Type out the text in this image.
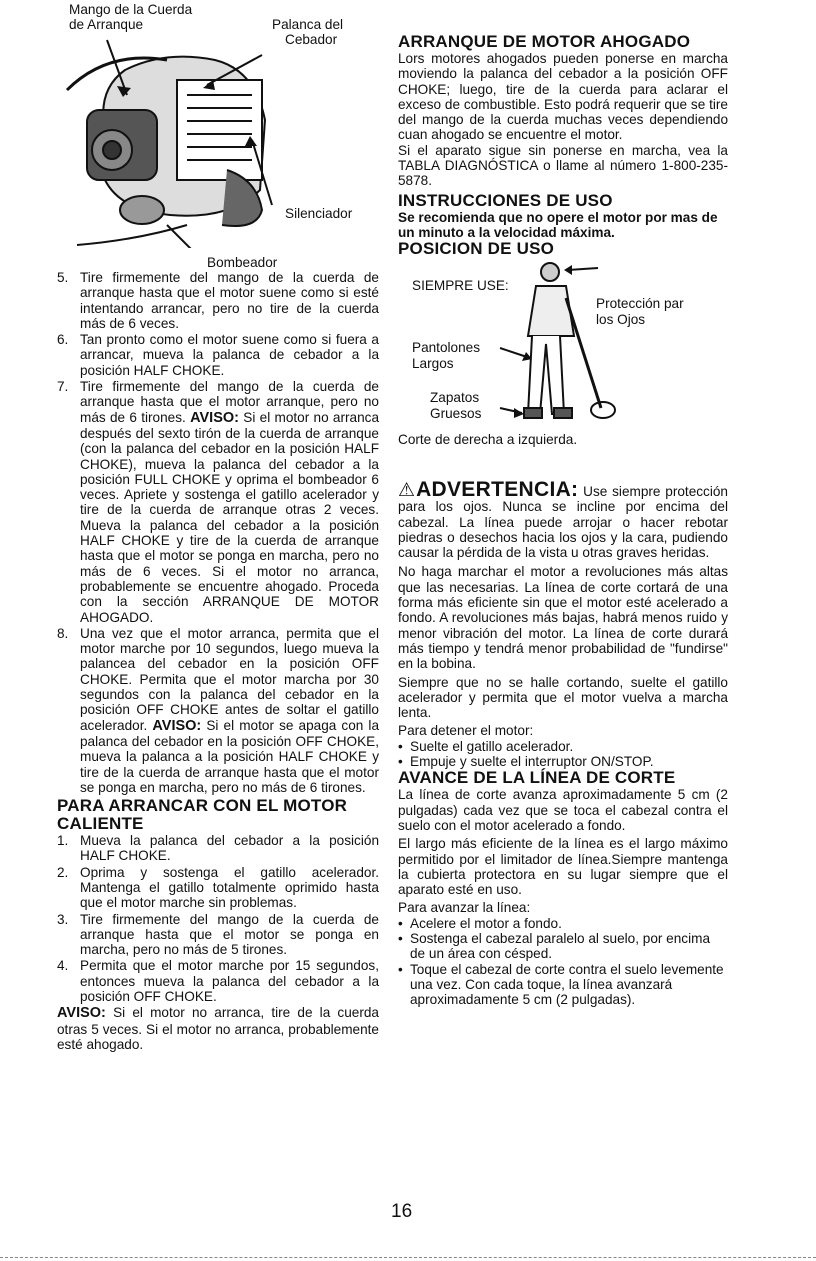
Mango de la Cuerda
de Arranque	Palanca del
Cebador
Silenciador
Bombeador
5. Tire firmemente del mango de la cuerda de arranque hasta que el motor suene como si esté intentando arrancar, pero no tire de la cuerda más de 6 veces.
6. Tan pronto como el motor suene como si fuera a arrancar, mueva la palanca de cebador a la posición HALF CHOKE.
7. Tire firmemente del mango de la cuerda de arranque hasta que el motor arranque, pero no más de 6 tirones. AVISO: Si el motor no arranca después del sexto tirón de la cuerda de arranque (con la palanca del cebador en la posición HALF CHOKE), mueva la palanca del cebador a la posición FULL CHOKE y oprima el bombeador 6 veces. Apriete y sostenga el gatillo acelerador y tire de la cuerda de arranque otras 2 veces. Mueva la palanca del cebador a la posición HALF CHOKE y tire de la cuerda de arranque hasta que el motor se ponga en marcha, pero no más de 6 veces. Si el motor no arranca, probablemente se encuentre ahogado. Proceda con la sección ARRANQUE DE MOTOR AHOGADO.
8. Una vez que el motor arranca, permita que el motor marche por 10 segundos, luego mueva la palancea del cebador en la posición OFF CHOKE. Permita que el motor marcha por 30 segundos con la palanca del cebador en la posición OFF CHOKE antes de soltar el gatillo acelerador. AVISO: Si el motor se apaga con la palanca del cebador en la posición OFF CHOKE, mueva la palanca a la posición HALF CHOKE y tire de la cuerda de arranque hasta que el motor se ponga en marcha, pero no más de 6 tirones.
PARA ARRANCAR CON EL MOTOR CALIENTE
1. Mueva la palanca del cebador a la posición HALF CHOKE.
2. Oprima y sostenga el gatillo acelerador. Mantenga el gatillo totalmente oprimido hasta que el motor marche sin problemas.
3. Tire firmemente del mango de la cuerda de arranque hasta que el motor se ponga en marcha, pero no más de 5 tirones.
4. Permita que el motor marche por 15 segundos, entonces mueva la palanca del cebador a la posición OFF CHOKE.

AVISO: Si el motor no arranca, tire de la cuerda otras 5 veces. Si el motor no arranca, probablemente esté ahogado.

ARRANQUE DE MOTOR AHOGADO

Lors motores ahogados pueden ponerse en marcha moviendo la palanca del cebador a la posición OFF CHOKE; luego, tire de la cuerda para aclarar el exceso de combustible. Esto podrá requerir que se tire del mango de la cuerda muchas veces dependiendo cuan ahogado se encuentre el motor.

Si el aparato sigue sin ponerse en marcha, vea la TABLA DIAGNÓSTICA o llame al número 1-800-235-5878.

INSTRUCCIONES DE USO
Se recomienda que no opere el motor por mas de un minuto a la velocidad máxima.
POSICION DE USO
SIEMPRE USE:
Protección par
los Ojos
Pantolones
Largos
Zapatos
Gruesos

Corte de derecha a izquierda.

⚠ADVERTENCIA: Use siempre protección para los ojos. Nunca se incline por encima del cabezal. La línea puede arrojar o hacer rebotar piedras o desechos hacia los ojos y la cara, pudiendo causar la pérdida de la vista u otras graves heridas.

No haga marchar el motor a revoluciones más altas que las necesarias. La línea de corte cortará de una forma más eficiente sin que el motor esté acelerado a fondo. A revoluciones más bajas, habrá menos ruido y menor vibración del motor. La línea de corte durará más tiempo y tendrá menor probabilidad de "fundirse" en la bobina.

Siempre que no se halle cortando, suelte el gatillo acelerador y permita que el motor vuelva a marcha lenta.

Para detener el motor:

• Suelte el gatillo acelerador.
• Empuje y suelte el interruptor ON/STOP.
AVANCE DE LA LÍNEA DE CORTE

La línea de corte avanza aproximadamente 5 cm (2 pulgadas) cada vez que se toca el cabezal contra el suelo con el motor acelerado a fondo.

El largo más eficiente de la línea es el largo máximo permitido por el limitador de línea.Siempre mantenga la cubierta protectora en su lugar siempre que el aparato esté en uso.

Para avanzar la línea:

• Acelere el motor a fondo.
• Sostenga el cabezal paralelo al suelo, por encima de un área con césped.
• Toque el cabezal de corte contra el suelo levemente una vez. Con cada toque, la línea avanzará aproximadamente 5 cm (2 pulgadas).
16
